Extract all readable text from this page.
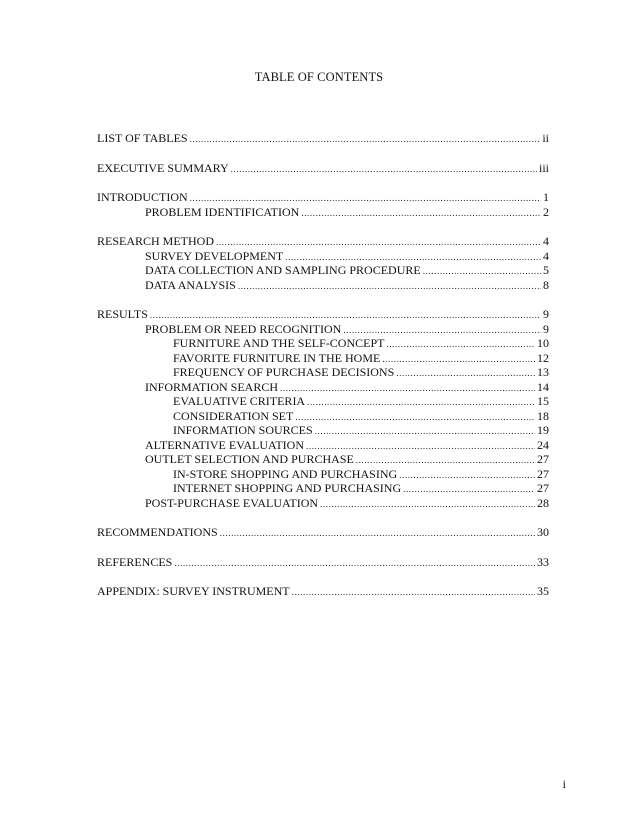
TABLE OF CONTENTS
LIST OF TABLES .....	ii
EXECUTIVE SUMMARY .....	iii
INTRODUCTION .....	1
PROBLEM IDENTIFICATION .....	2
RESEARCH METHOD .....	4
SURVEY DEVELOPMENT .....	4
DATA COLLECTION AND SAMPLING PROCEDURE .....	5
DATA ANALYSIS .....	8
RESULTS .....	9
PROBLEM OR NEED RECOGNITION .....	9
FURNITURE AND THE SELF-CONCEPT .....	10
FAVORITE FURNITURE IN THE HOME .....	12
FREQUENCY OF PURCHASE DECISIONS .....	13
INFORMATION SEARCH .....	14
EVALUATIVE CRITERIA .....	15
CONSIDERATION SET .....	18
INFORMATION SOURCES .....	19
ALTERNATIVE EVALUATION .....	24
OUTLET SELECTION AND PURCHASE .....	27
IN-STORE SHOPPING AND PURCHASING .....	27
INTERNET SHOPPING AND PURCHASING .....	27
POST-PURCHASE EVALUATION .....	28
RECOMMENDATIONS .....	30
REFERENCES .....	33
APPENDIX: SURVEY INSTRUMENT .....	35
i
